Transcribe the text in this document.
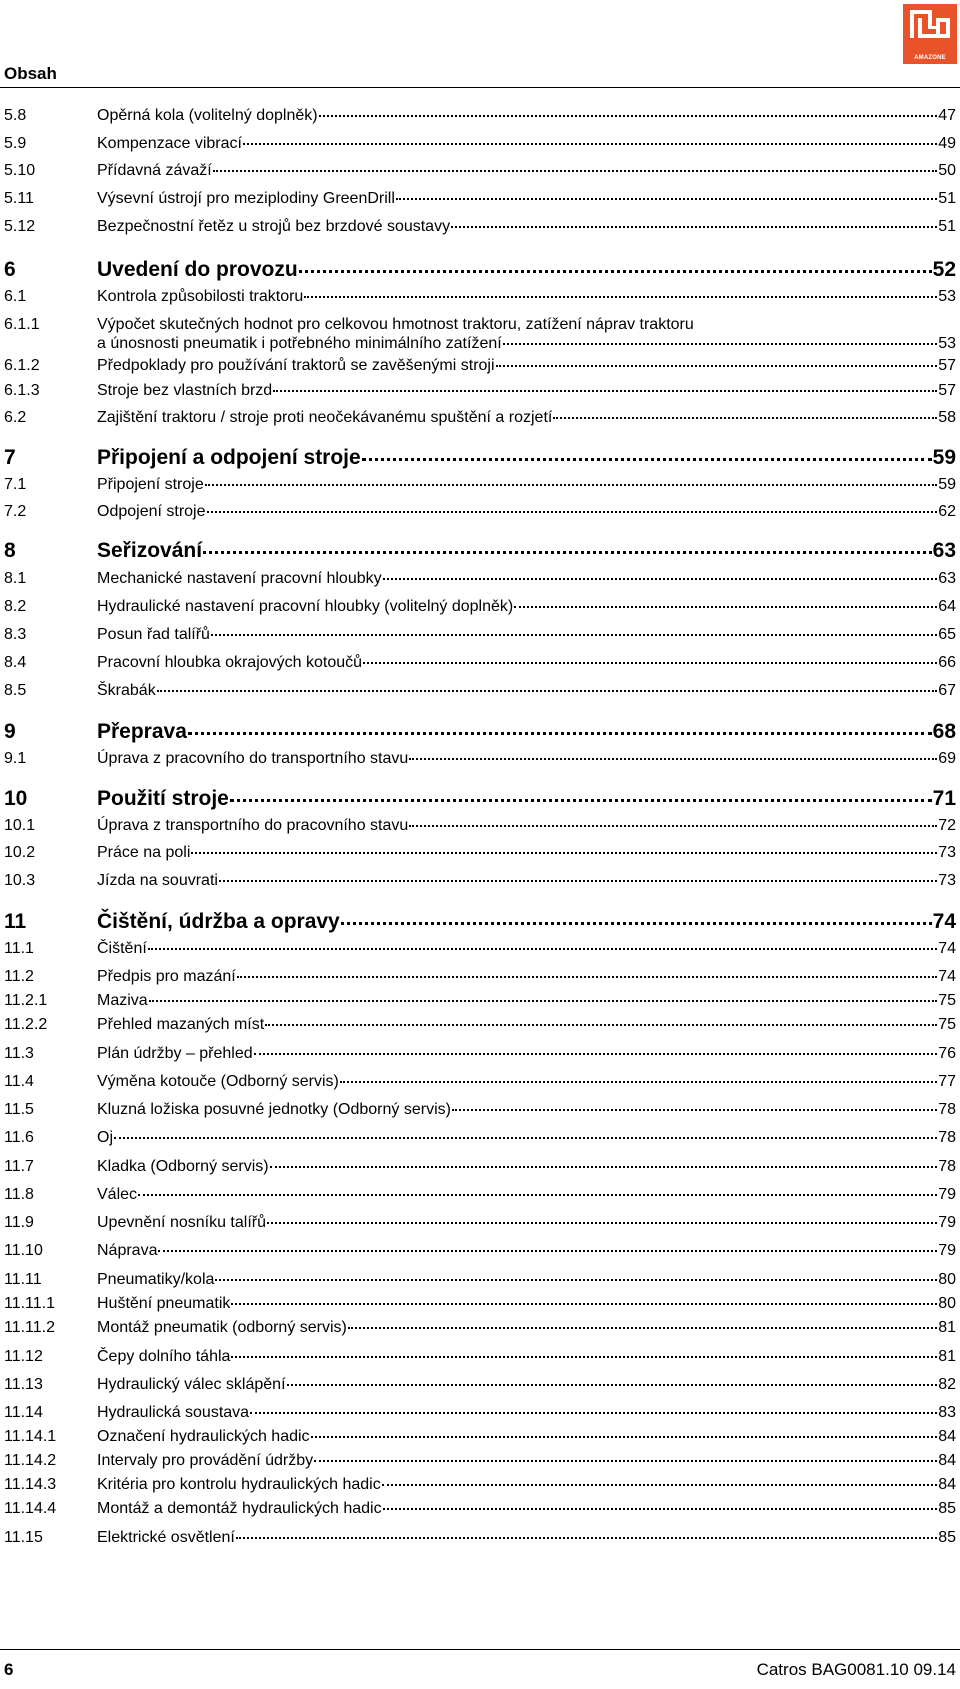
Obsah
AMAZONE
5.8	Opěrná kola (volitelný doplněk)	47
5.9	Kompenzace vibrací	49
5.10	Přídavná závaží	50
5.11	Výsevní ústrojí pro meziplodiny GreenDrill	51
5.12	Bezpečnostní řetěz u strojů bez brzdové soustavy	51
6	Uvedení do provozu	52
6.1	Kontrola způsobilosti traktoru	53
6.1.1	Výpočet skutečných hodnot pro celkovou hmotnost traktoru, zatížení náprav traktoru
a únosnosti pneumatik i potřebného minimálního zatížení	53
6.1.2	Předpoklady pro používání traktorů se zavěšenými stroji	57
6.1.3	Stroje bez vlastních brzd	57
6.2	Zajištění traktoru / stroje proti neočekávanému spuštění a rozjetí	58
7	Připojení a odpojení stroje	59
7.1	Připojení stroje	59
7.2	Odpojení stroje	62
8	Seřizování	63
8.1	Mechanické nastavení pracovní hloubky	63
8.2	Hydraulické nastavení pracovní hloubky (volitelný doplněk)	64
8.3	Posun řad talířů	65
8.4	Pracovní hloubka okrajových kotoučů	66
8.5	Škrabák	67
9	Přeprava	68
9.1	Úprava z pracovního do transportního stavu	69
10	Použití stroje	71
10.1	Úprava z transportního do pracovního stavu	72
10.2	Práce na poli	73
10.3	Jízda na souvrati	73
11	Čištění, údržba a opravy	74
11.1	Čištění	74
11.2	Předpis pro mazání	74
11.2.1	Maziva	75
11.2.2	Přehled mazaných míst	75
11.3	Plán údržby – přehled	76
11.4	Výměna kotouče (Odborný servis)	77
11.5	Kluzná ložiska posuvné jednotky (Odborný servis)	78
11.6	Oj	78
11.7	Kladka (Odborný servis)	78
11.8	Válec	79
11.9	Upevnění nosníku talířů	79
11.10	Náprava	79
11.11	Pneumatiky/kola	80
11.11.1	Huštění pneumatik	80
11.11.2	Montáž pneumatik (odborný servis)	81
11.12	Čepy dolního táhla	81
11.13	Hydraulický válec sklápění	82
11.14	Hydraulická soustava	83
11.14.1	Označení hydraulických hadic	84
11.14.2	Intervaly pro provádění údržby	84
11.14.3	Kritéria pro kontrolu hydraulických hadic	84
11.14.4	Montáž a demontáž hydraulických hadic	85
11.15	Elektrické osvětlení	85
6	Catros BAG0081.10 09.14
